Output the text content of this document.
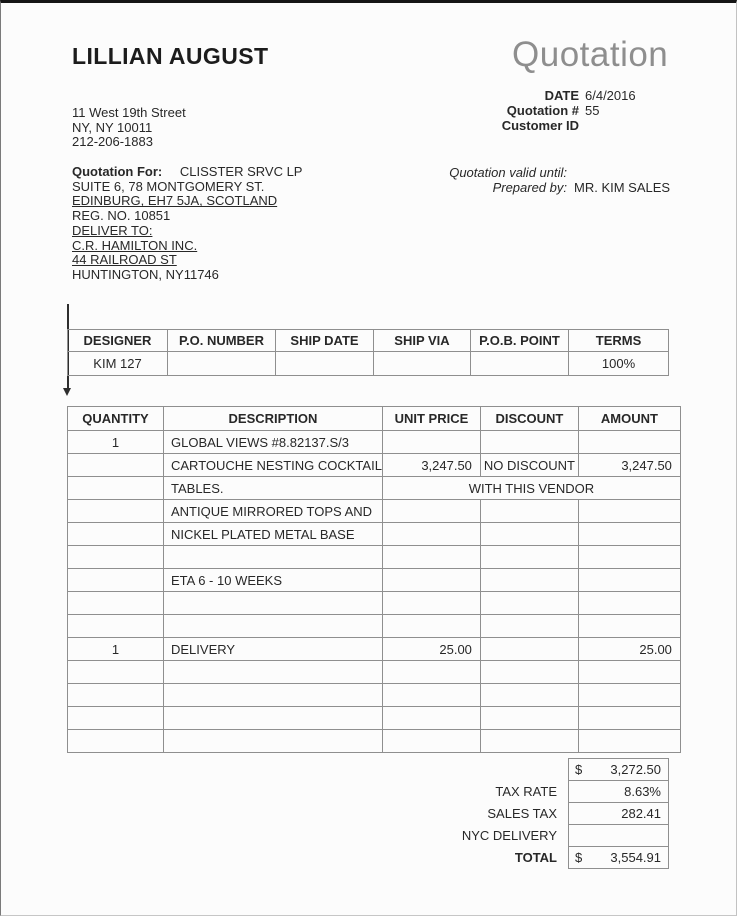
LILLIAN AUGUST	Quotation
DATE 6/4/2016
Quotation # 55
Customer ID
11 West 19th Street
NY, NY 10011
212-206-1883
Quotation For: CLISSTER SRVC LP
SUITE 6, 78 MONTGOMERY ST.
EDINBURG, EH7 5JA, SCOTLAND
REG. NO. 10851
DELIVER TO:
C.R. HAMILTON INC.
44 RAILROAD ST
HUNTINGTON, NY11746
Quotation valid until:
Prepared by: MR. KIM SALES
DESIGNER	P.O. NUMBER	SHIP DATE	SHIP VIA	P.O.B. POINT	TERMS
KIM 127					100%
QUANTITY	DESCRIPTION	UNIT PRICE	DISCOUNT	AMOUNT
1	GLOBAL VIEWS #8.82137.S/3			
	CARTOUCHE NESTING COCKTAIL	3,247.50	NO DISCOUNT	3,247.50
	TABLES.	WITH THIS VENDOR		
	ANTIQUE MIRRORED TOPS AND			
	NICKEL PLATED METAL BASE			

	ETA 6 - 10 WEEKS			

1	DELIVERY	25.00		25.00

$	3,272.50
TAX RATE	8.63%
SALES TAX	282.41
NYC DELIVERY
TOTAL	$	3,554.91
